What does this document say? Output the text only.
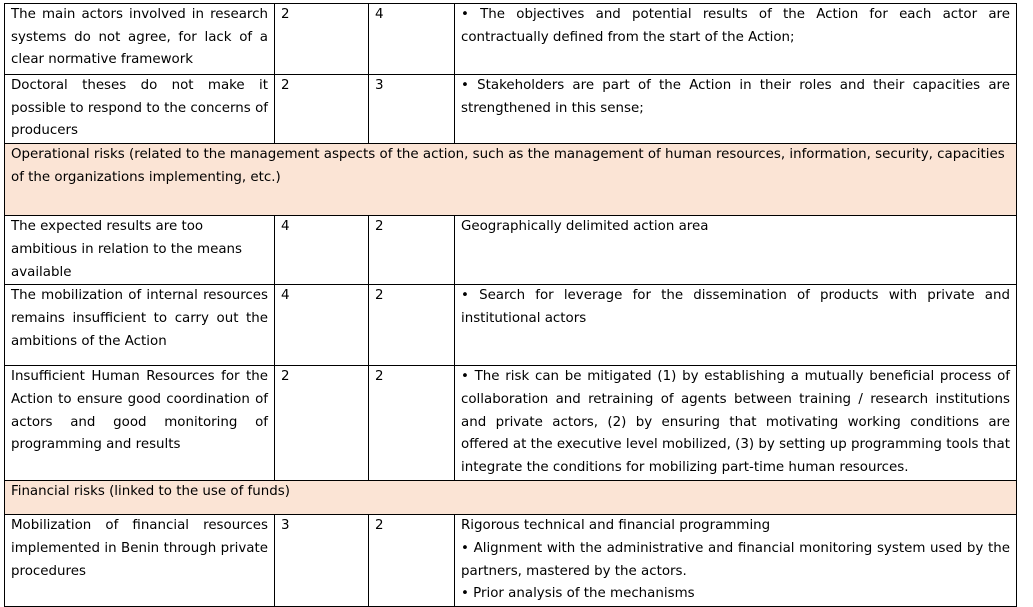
The main actors involved in research systems do not agree, for lack of a clear normative framework	2	4	• The objectives and potential results of the Action for each actor are contractually defined from the start of the Action;

Doctoral theses do not make it possible to respond to the concerns of producers	2	3	• Stakeholders are part of the Action in their roles and their capacities are strengthened in this sense;

Operational risks (related to the management aspects of the action, such as the management of human resources, information, security, capacities of the organizations implementing, etc.)			
The expected results are too ambitious in relation to the means available	4	2	Geographically delimited action area

The mobilization of internal resources remains insufficient to carry out the ambitions of the Action	4	2	• Search for leverage for the dissemination of products with private and institutional actors

Insufficient Human Resources for the Action to ensure good coordination of actors and good monitoring of programming and results	2	2	• The risk can be mitigated (1) by establishing a mutually beneficial process of collaboration and retraining of agents between training / research institutions and private actors, (2) by ensuring that motivating working conditions are offered at the executive level mobilized, (3) by setting up programming tools that integrate the conditions for mobilizing part-time human resources.

Financial risks (linked to the use of funds)			
Mobilization of financial resources implemented in Benin through private procedures	3	2	Rigorous technical and financial programming
• Alignment with the administrative and financial monitoring system used by the partners, mastered by the actors.
• Prior analysis of the mechanisms
